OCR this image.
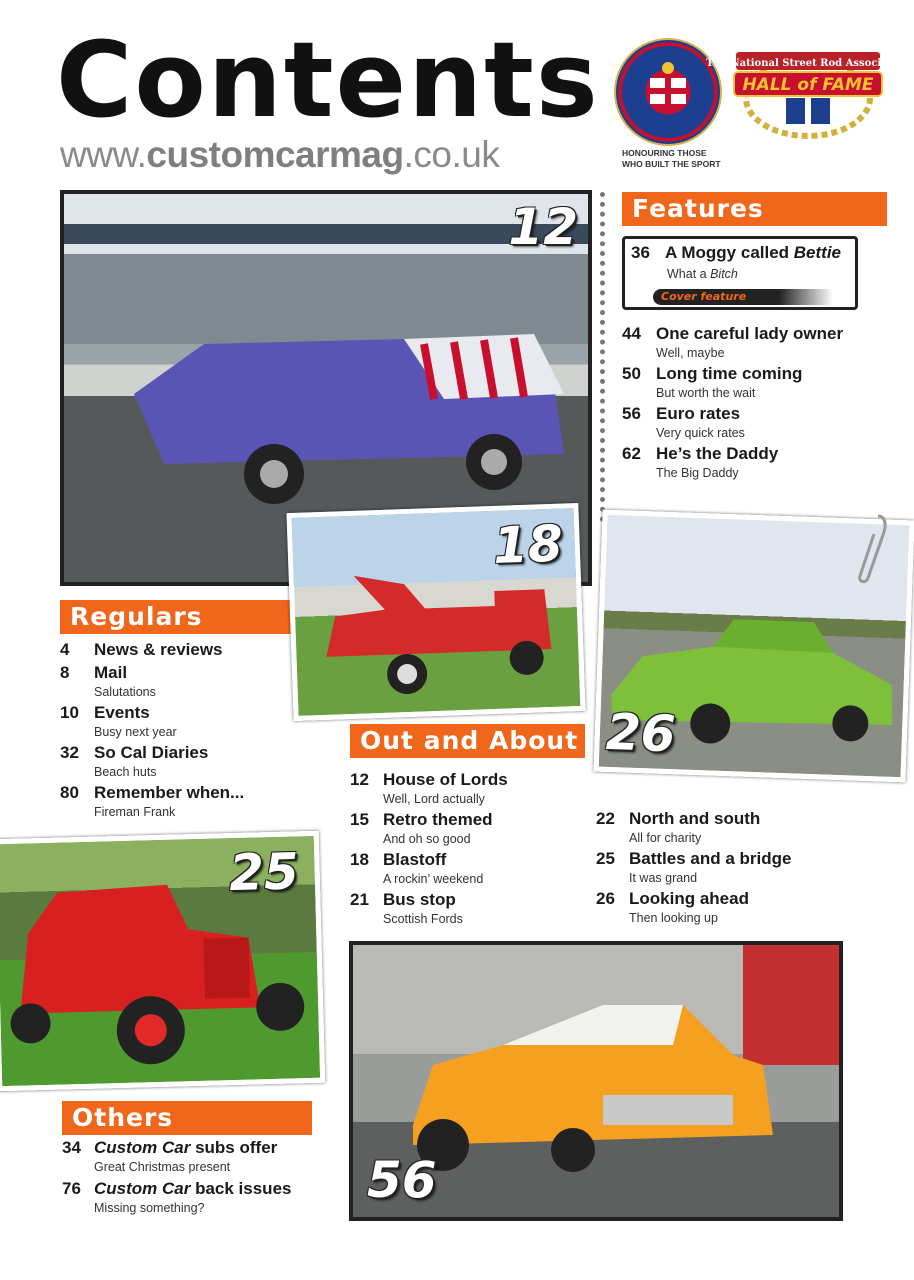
Contents
www.customcarmag.co.uk
The National Street Rod Association
HALL of FAME
HONOURING THOSE
WHO BUILT THE SPORT
12	Features
36 A Moggy called Bettie
What a Bitch
Cover feature
44 One careful lady owner
Well, maybe
50 Long time coming
But worth the wait
56 Euro rates
Very quick rates
62 He’s the Daddy
The Big Daddy
26
Regulars
4 News & reviews
8 Mail
Salutations
10 Events
Busy next year
32 So Cal Diaries
Beach huts
80 Remember when...
Fireman Frank
18
Out and About
12 House of Lords
Well, Lord actually
15 Retro themed
And oh so good
18 Blastoff
A rockin’ weekend
21 Bus stop
Scottish Fords
22 North and south
All for charity
25 Battles and a bridge
It was grand
26 Looking ahead
Then looking up
25
Others
34 Custom Car subs offer
Great Christmas present
76 Custom Car back issues
Missing something?	56
